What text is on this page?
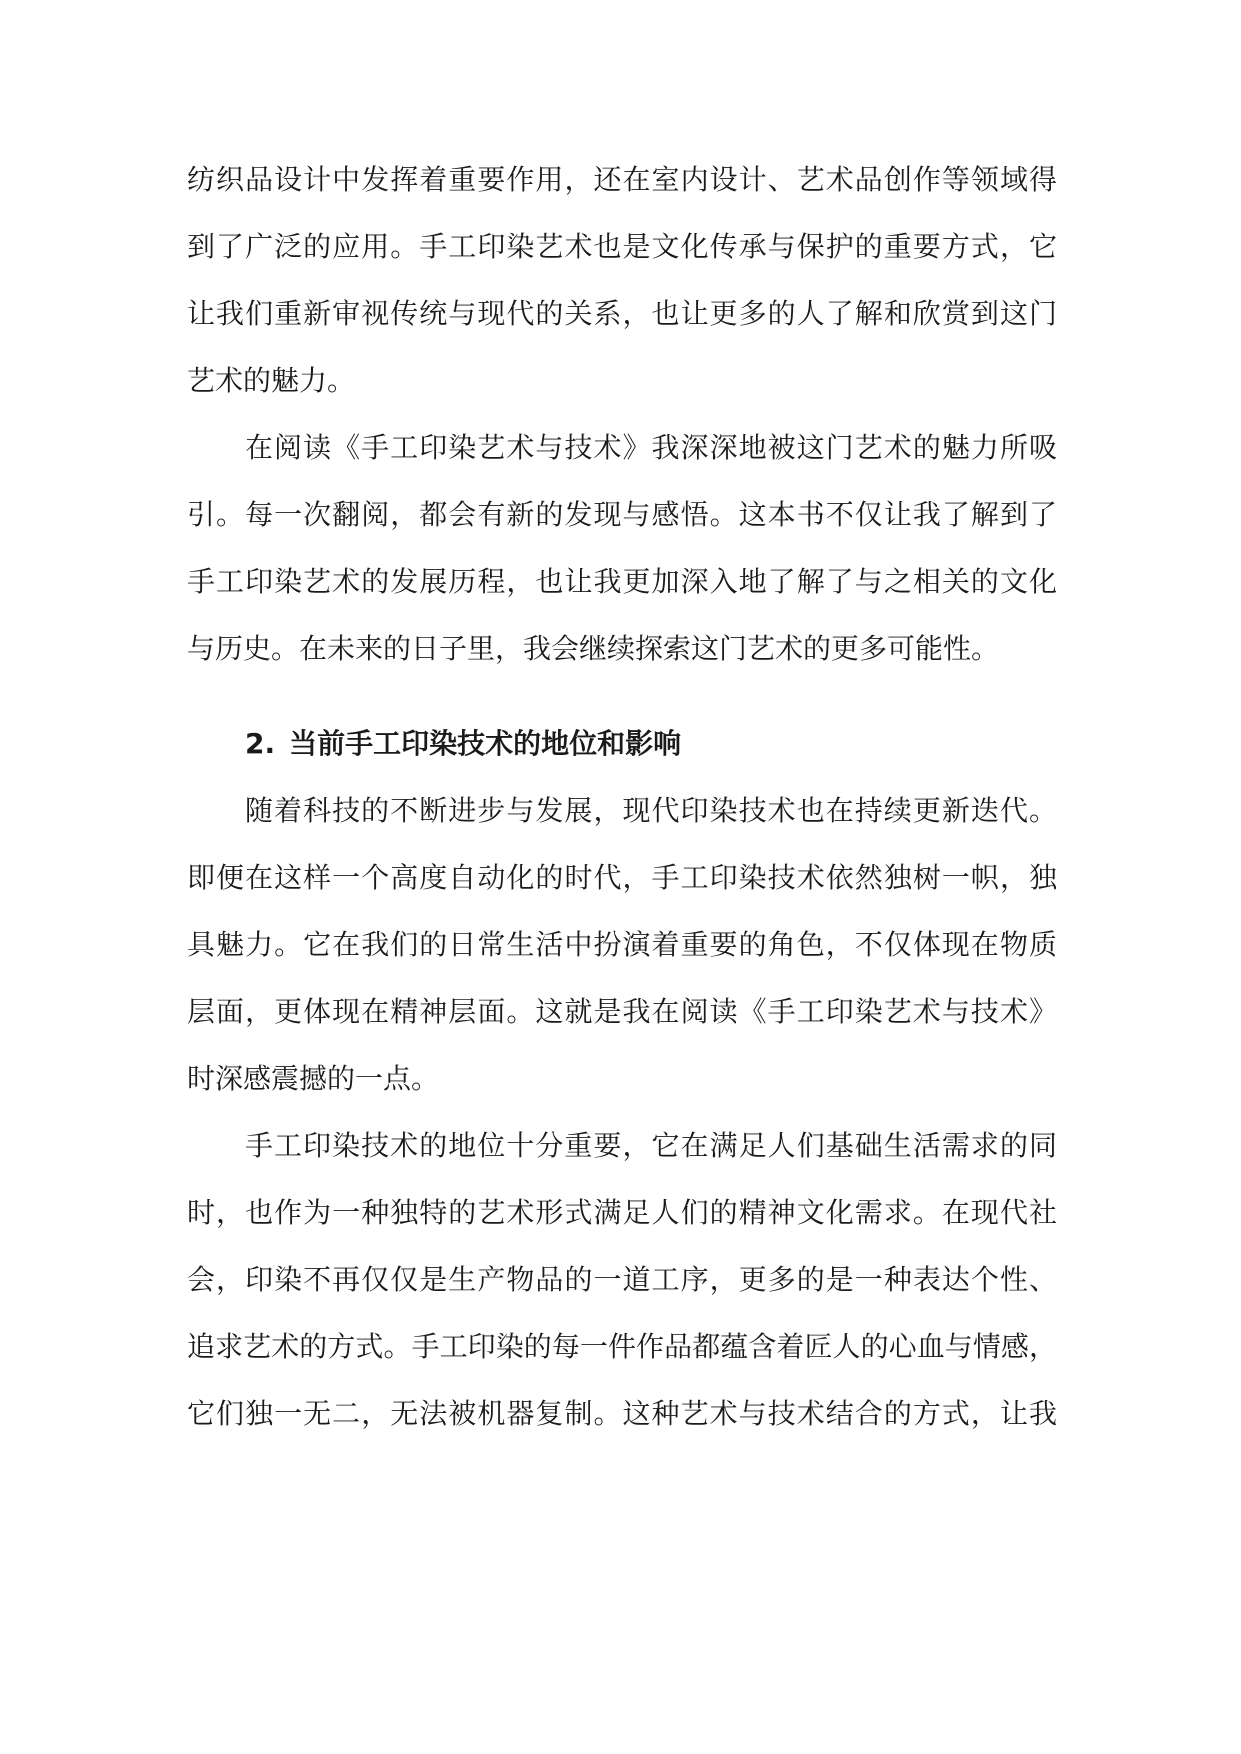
纺织品设计中发挥着重要作用，还在室内设计、艺术品创作等领域得
到了广泛的应用。手工印染艺术也是文化传承与保护的重要方式，它
让我们重新审视传统与现代的关系，也让更多的人了解和欣赏到这门
艺术的魅力。
在阅读《手工印染艺术与技术》我深深地被这门艺术的魅力所吸
引。每一次翻阅，都会有新的发现与感悟。这本书不仅让我了解到了
手工印染艺术的发展历程，也让我更加深入地了解了与之相关的文化
与历史。在未来的日子里，我会继续探索这门艺术的更多可能性。
2. 当前手工印染技术的地位和影响
随着科技的不断进步与发展，现代印染技术也在持续更新迭代。
即便在这样一个高度自动化的时代，手工印染技术依然独树一帜，独
具魅力。它在我们的日常生活中扮演着重要的角色，不仅体现在物质
层面，更体现在精神层面。这就是我在阅读《手工印染艺术与技术》
时深感震撼的一点。
手工印染技术的地位十分重要，它在满足人们基础生活需求的同
时，也作为一种独特的艺术形式满足人们的精神文化需求。在现代社
会，印染不再仅仅是生产物品的一道工序，更多的是一种表达个性、
追求艺术的方式。手工印染的每一件作品都蕴含着匠人的心血与情感，
它们独一无二，无法被机器复制。这种艺术与技术结合的方式，让我
